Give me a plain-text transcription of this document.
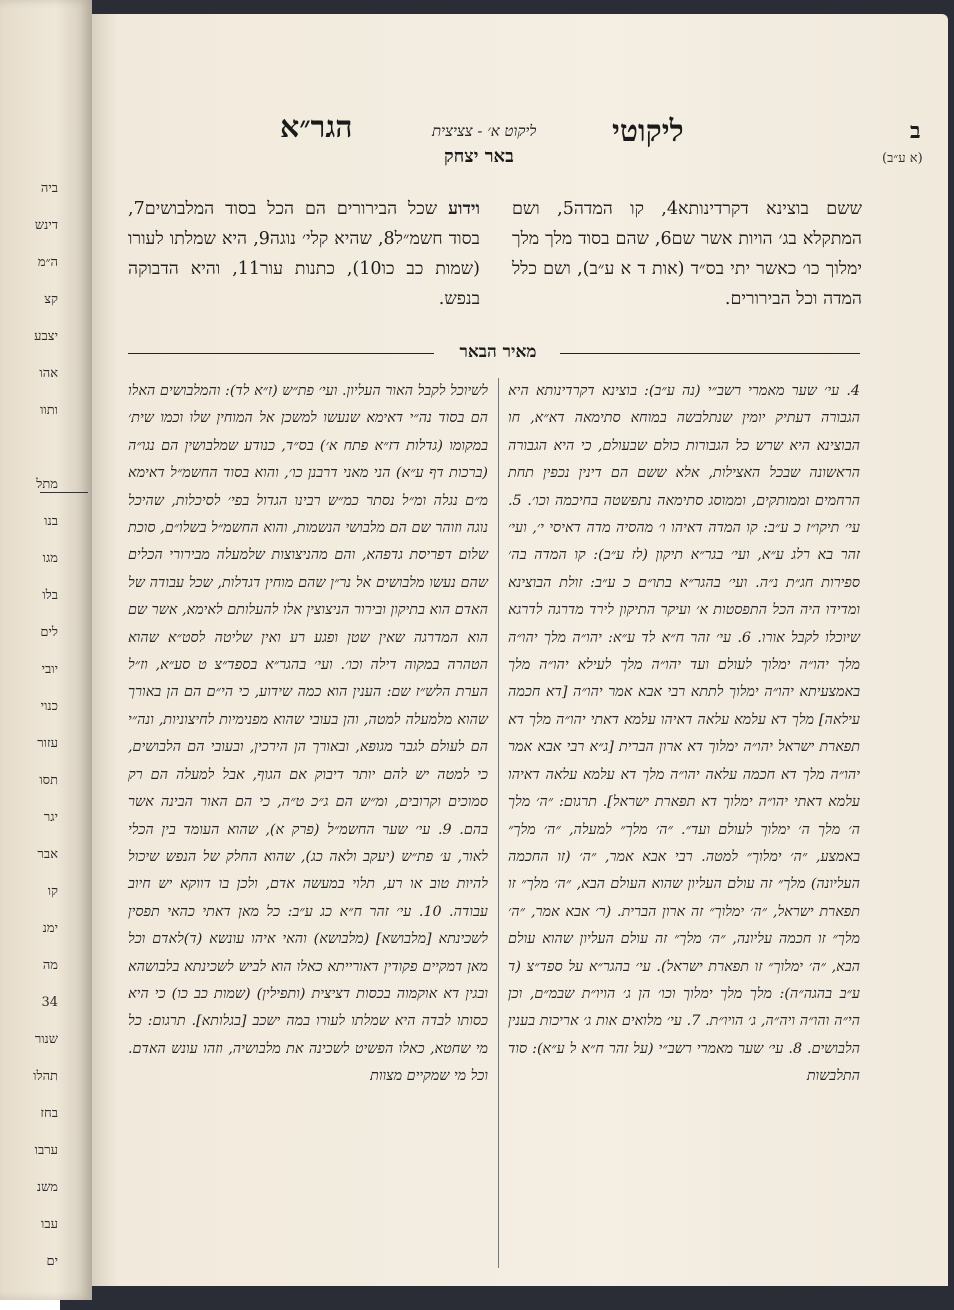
ביה
דינש
ה״מ
קצ
יצבע
אהו
ותוו

מתל
בנו
מגו
בלו
לים
יובי
כנוי
עזור
תסו
יגר
אבר
קו
ימנ
מה
34
שנור
תהלו
בחז
ערבו
משנ
עבו
ים
ב
(א ע״ב)
ליקוטי
ליקוט א׳ - צציצית
באר יצחק
הגר״א
ששם בוצינא דקרדינותא4, קו המדה5, ושם המתקלא בג׳ הויות אשר שם6, שהם בסוד מלך מלך ימלוך כו׳ כאשר יתי בס״ד (אות ד א ע״ב), ושם כלל המדה וכל הבירורים.
וידוע שכל הבירורים הם הכל בסוד המלבושים7, בסוד חשמ״ל8, שהיא קלי׳ נוגה9, היא שמלתו לעורו (שמות כב כו10), כתנות עור11, והיא הדבוקה בנפש.
מאיר הבאר

4. עי׳ שער מאמרי רשב״י (נה ע״ב): בוצינא דקרדינותא היא הגבורה דעתיק יומין שנתלבשה במוחא סתימאה דא״א, חו הבוצינא היא שרש כל הגבורות כולם שבעולם, כי היא הגבורה הראשונה שבכל האצילות, אלא ששם הם דינין נכפין תחת הרחמים וממותקים, וממוסג סתימאה נתפשטה בחיכמה וכו׳. 5. עי׳ תיקו״ז כ ע״ב: קו המדה דאיהו ו׳ מהסיה מדה דאיסי י׳, ועי׳ זהר בא רלג ע״א, ועי׳ בגר״א תיקון (לז ע״ב): קו המדה בה׳ ספירות חג״ת נ״ה. ועי׳ בהגר״א בתו״ם כ ע״ב: זולת הבוצינא ומדידו היה הכל התפסטות א׳ ועיקר התיקון לירד מדרגה לדרגא שיוכלו לקבל אורו. 6. עי׳ זהר ח״א לד ע״א: יהו״ה מלך יהו״ה מלך יהו״ה ימלוך לעולם ועד יהו״ה מלך לעילא יהו״ה מלך באמצעיתא יהו״ה ימלוך לתתא רבי אבא אמר יהו״ה [דא חכמה עילאה] מלך דא עלמא עלאה דאיהו עלמא דאתי יהו״ה מלך דא תפארת ישראל יהו״ה ימלוך דא ארון הברית [ג״א רבי אבא אמר יהו״ה מלך דא חכמה עלאה יהו״ה מלך דא עלמא עלאה דאיהו עלמא דאתי יהו״ה ימלוך דא תפארת ישראל]. תרגום: ״ה׳ מלך ה׳ מלך ה׳ ימלוך לעולם ועד״. ״ה׳ מלך״ למעלה, ״ה׳ מלך״ באמצע, ״ה׳ ימלוך״ למטה. רבי אבא אמר, ״ה׳ (זו החכמה העליונה) מלך״ זה עולם העליון שהוא העולם הבא, ״ה׳ מלך״ זו תפארת ישראל, ״ה׳ ימלוך״ זה ארון הברית. (ר׳ אבא אמר, ״ה׳ מלך״ זו חכמה עליונה, ״ה׳ מלך״ זה עולם העליון שהוא עולם הבא, ״ה׳ ימלוך״ זו תפארת ישראל). עי׳ בהגר״א על ספד״צ (ד ע״ב בהגה״ה): מלך מלך ימלוך וכו׳ הן ג׳ הויו״ת שבמ״ם, וכן הי״ה והו״ה ויה״ה, ג׳ הויו״ת. 7. עי׳ מלואים אות ג׳ אריכות בענין הלבושים. 8. עי׳ שער מאמרי רשב״י (על זהר ח״א ל ע״א): סוד התלבשות

לשיוכל לקבל האור העליון. ועי׳ פת״ש (ז״א לד): והמלבושים האלו הם בסוד נה״י דאימא שנעשו למשכן אל המוחין שלו וכמו שית׳ במקומו (גדלות דז״א פתח א׳) בס״ד, כנודע שמלבושין הם נגו״ה (ברכות דף ע״א) הני מאני דרבנן כו׳, והוא בסוד החשמ״ל דאימא מ״ם נגלה ומ״ל נסתר כמ״ש רבינו הגדול בפי׳ לסיכלות, שהיכל נוגה וזוהר שם הם מלבושי הנשמות, והוא החשמ״ל בשלו״ם, סוכת שלום דפריסת גדפהא, והם מהניצוצות שלמעלה מבירורי הכלים שהם נעשו מלבושים אל נר״ן שהם מוחין דגדלות, שכל עבודה של האדם הוא בתיקון ובירור הניצוצין אלו להעלותם לאימא, אשר שם הוא המדרגה שאין שטן ופגע רע ואין שליטה לסט״א שהוא הטהרה במקוה דילה וכו׳. ועי׳ בהגר״א בספד״צ ט סע״א, וז״ל הערת הלש״ז שם: הענין הוא כמה שידוע, כי הי״ם הם הן באורך שהוא מלמעלה למטה, והן בעובי שהוא מפנימיות לחיצוניות, ונה״י הם לעולם לגבר מגופא, ובאורך הן הירכין, ובעובי הם הלבושים, כי למטה יש להם יותר דיבוק אם הגוף, אבל למעלה הם רק סמוכים וקרובים, ומ״ש הם ג״כ ט״ה, כי הם האור הבינה אשר בהם. 9. עי׳ שער החשמ״ל (פרק א), שהוא העומד בין הכלי לאור, ע׳ פת״ש (יעקב ולאה כג), שהוא החלק של הנפש שיכול להיות טוב או רע, תלוי במעשה אדם, ולכן בו דווקא יש חיוב עבודה. 10. עי׳ זהר ח״א כג ע״ב: כל מאן דאתי כהאי תפסין לשכינתא [מלבושא] (מלבושא) והאי איהו עונשא (ד)לאדם וכל מאן דמקיים פקודין דאורייתא כאלו הוא לביש לשכינתא בלבושהא ובגין דא אוקמוה בכסות דציצית (ותפילין) (שמות כב כו) כי היא כסותו לבדה היא שמלתו לעורו במה ישכב [בגלותא]. תרגום: כל מי שחטא, כאלו הפשיט לשכינה את מלבושיה, וזהו עונש האדם. וכל מי שמקיים מצוות
